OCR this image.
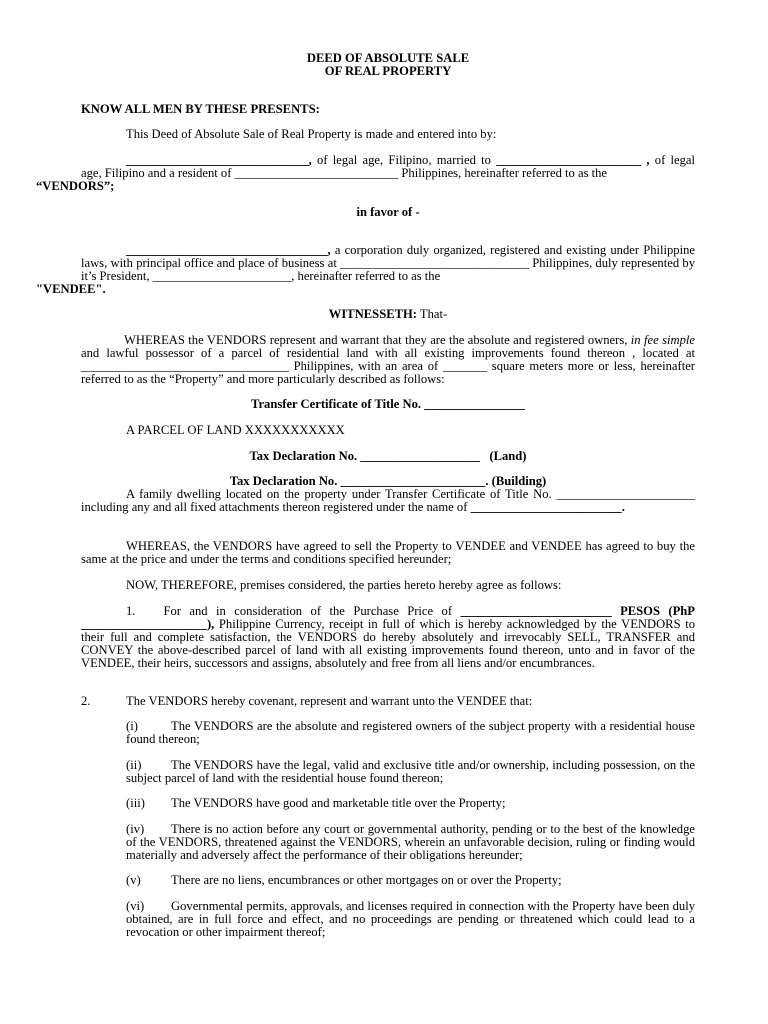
DEED OF ABSOLUTE SALE
OF REAL PROPERTY

KNOW ALL MEN BY THESE PRESENTS:

This Deed of Absolute Sale of Real Property is made and entered into by:

_____________________________, of legal age, Filipino, married to _______________________ , of legal age, Filipino and a resident of __________________________ Philippines, hereinafter referred to as the
“VENDORS”;

in favor of -

________________________________, a corporation duly organized, registered and existing under Philippine laws, with principal office and place of business at ______________________________ Philippines, duly represented by it’s President, ______________________, hereinafter referred to as the
"VENDEE".

WITNESSETH: That-

WHEREAS the VENDORS represent and warrant that they are the absolute and registered owners, in fee simple and lawful possessor of a parcel of residential land with all existing improvements found thereon , located at _________________________________ Philippines, with an area of _______ square meters more or less, hereinafter referred to as the “Property” and more particularly described as follows:

Transfer Certificate of Title No. ________________

A PARCEL OF LAND XXXXXXXXXXX

Tax Declaration No. ___________________   (Land)

Tax Declaration No. _______________________. (Building)

A family dwelling located on the property under Transfer Certificate of Title No. ______________________ including any and all fixed attachments thereon registered under the name of ________________________.

WHEREAS, the VENDORS have agreed to sell the Property to VENDEE and VENDEE has agreed to buy the same at the price and under the terms and conditions specified hereunder;

NOW, THEREFORE, premises considered, the parties hereto hereby agree as follows:

1. For and in consideration of the Purchase Price of ________________________ PESOS (PhP ____________________), Philippine Currency, receipt in full of which is hereby acknowledged by the VENDORS to their full and complete satisfaction, the VENDORS do hereby absolutely and irrevocably SELL, TRANSFER and CONVEY the above-described parcel of land with all existing improvements found thereon, unto and in favor of the VENDEE, their heirs, successors and assigns, absolutely and free from all liens and/or encumbrances.

2.	The VENDORS hereby covenant, represent and warrant unto the VENDEE that:

(i)	The VENDORS are the absolute and registered owners of the subject property with a residential house found thereon;

(ii) The VENDORS have the legal, valid and exclusive title and/or ownership, including possession, on the subject parcel of land with the residential house found thereon;

(iii) The VENDORS have good and marketable title over the Property;

(iv) There is no action before any court or governmental authority, pending or to the best of the knowledge of the VENDORS, threatened against the VENDORS, wherein an unfavorable decision, ruling or finding would materially and adversely affect the performance of their obligations hereunder;

(v) There are no liens, encumbrances or other mortgages on or over the Property;

(vi) Governmental permits, approvals, and licenses required in connection with the Property have been duly obtained, are in full force and effect, and no proceedings are pending or threatened which could lead to a revocation or other impairment thereof;
